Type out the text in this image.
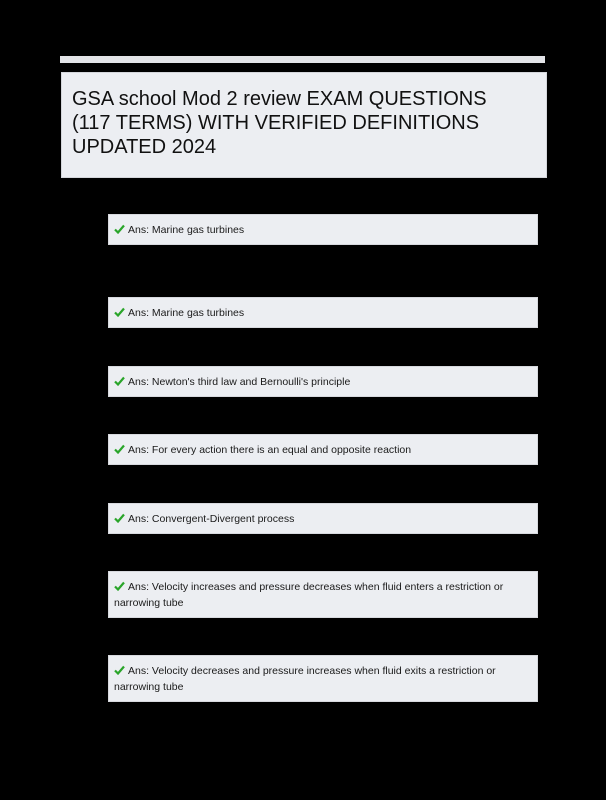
GSA school Mod 2 review EXAM QUESTIONS
(117 TERMS) WITH VERIFIED DEFINITIONS
UPDATED 2024
Ans: Marine gas turbines
Ans: Marine gas turbines
Ans: Newton's third law and Bernoulli's principle
Ans: For every action there is an equal and opposite reaction
Ans: Convergent-Divergent process
Ans: Velocity increases and pressure decreases when fluid enters a restriction or
narrowing tube
Ans: Velocity decreases and pressure increases when fluid exits a restriction or
narrowing tube
